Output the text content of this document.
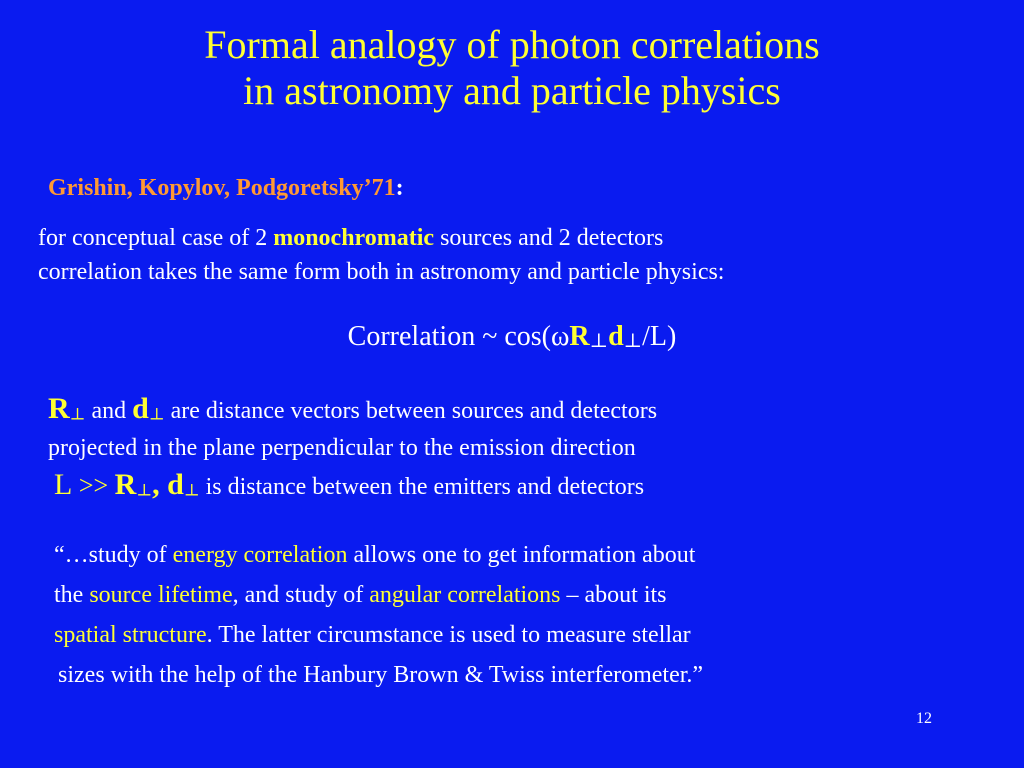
Formal analogy of photon correlations
in astronomy and particle physics
Grishin, Kopylov, Podgoretsky’71:
for conceptual case of 2 monochromatic sources and 2 detectors
correlation takes the same form both in astronomy and particle physics:
Correlation ~ cos(ωR⊥d⊥/L)
R⊥ and d⊥ are distance vectors between sources and detectors
projected in the plane perpendicular to the emission direction
L >> R⊥, d⊥ is distance between the emitters and detectors
“…study of energy correlation allows one to get information about
the source lifetime, and study of angular correlations – about its
spatial structure. The latter circumstance is used to measure stellar
sizes with the help of the Hanbury Brown & Twiss interferometer.”
12
